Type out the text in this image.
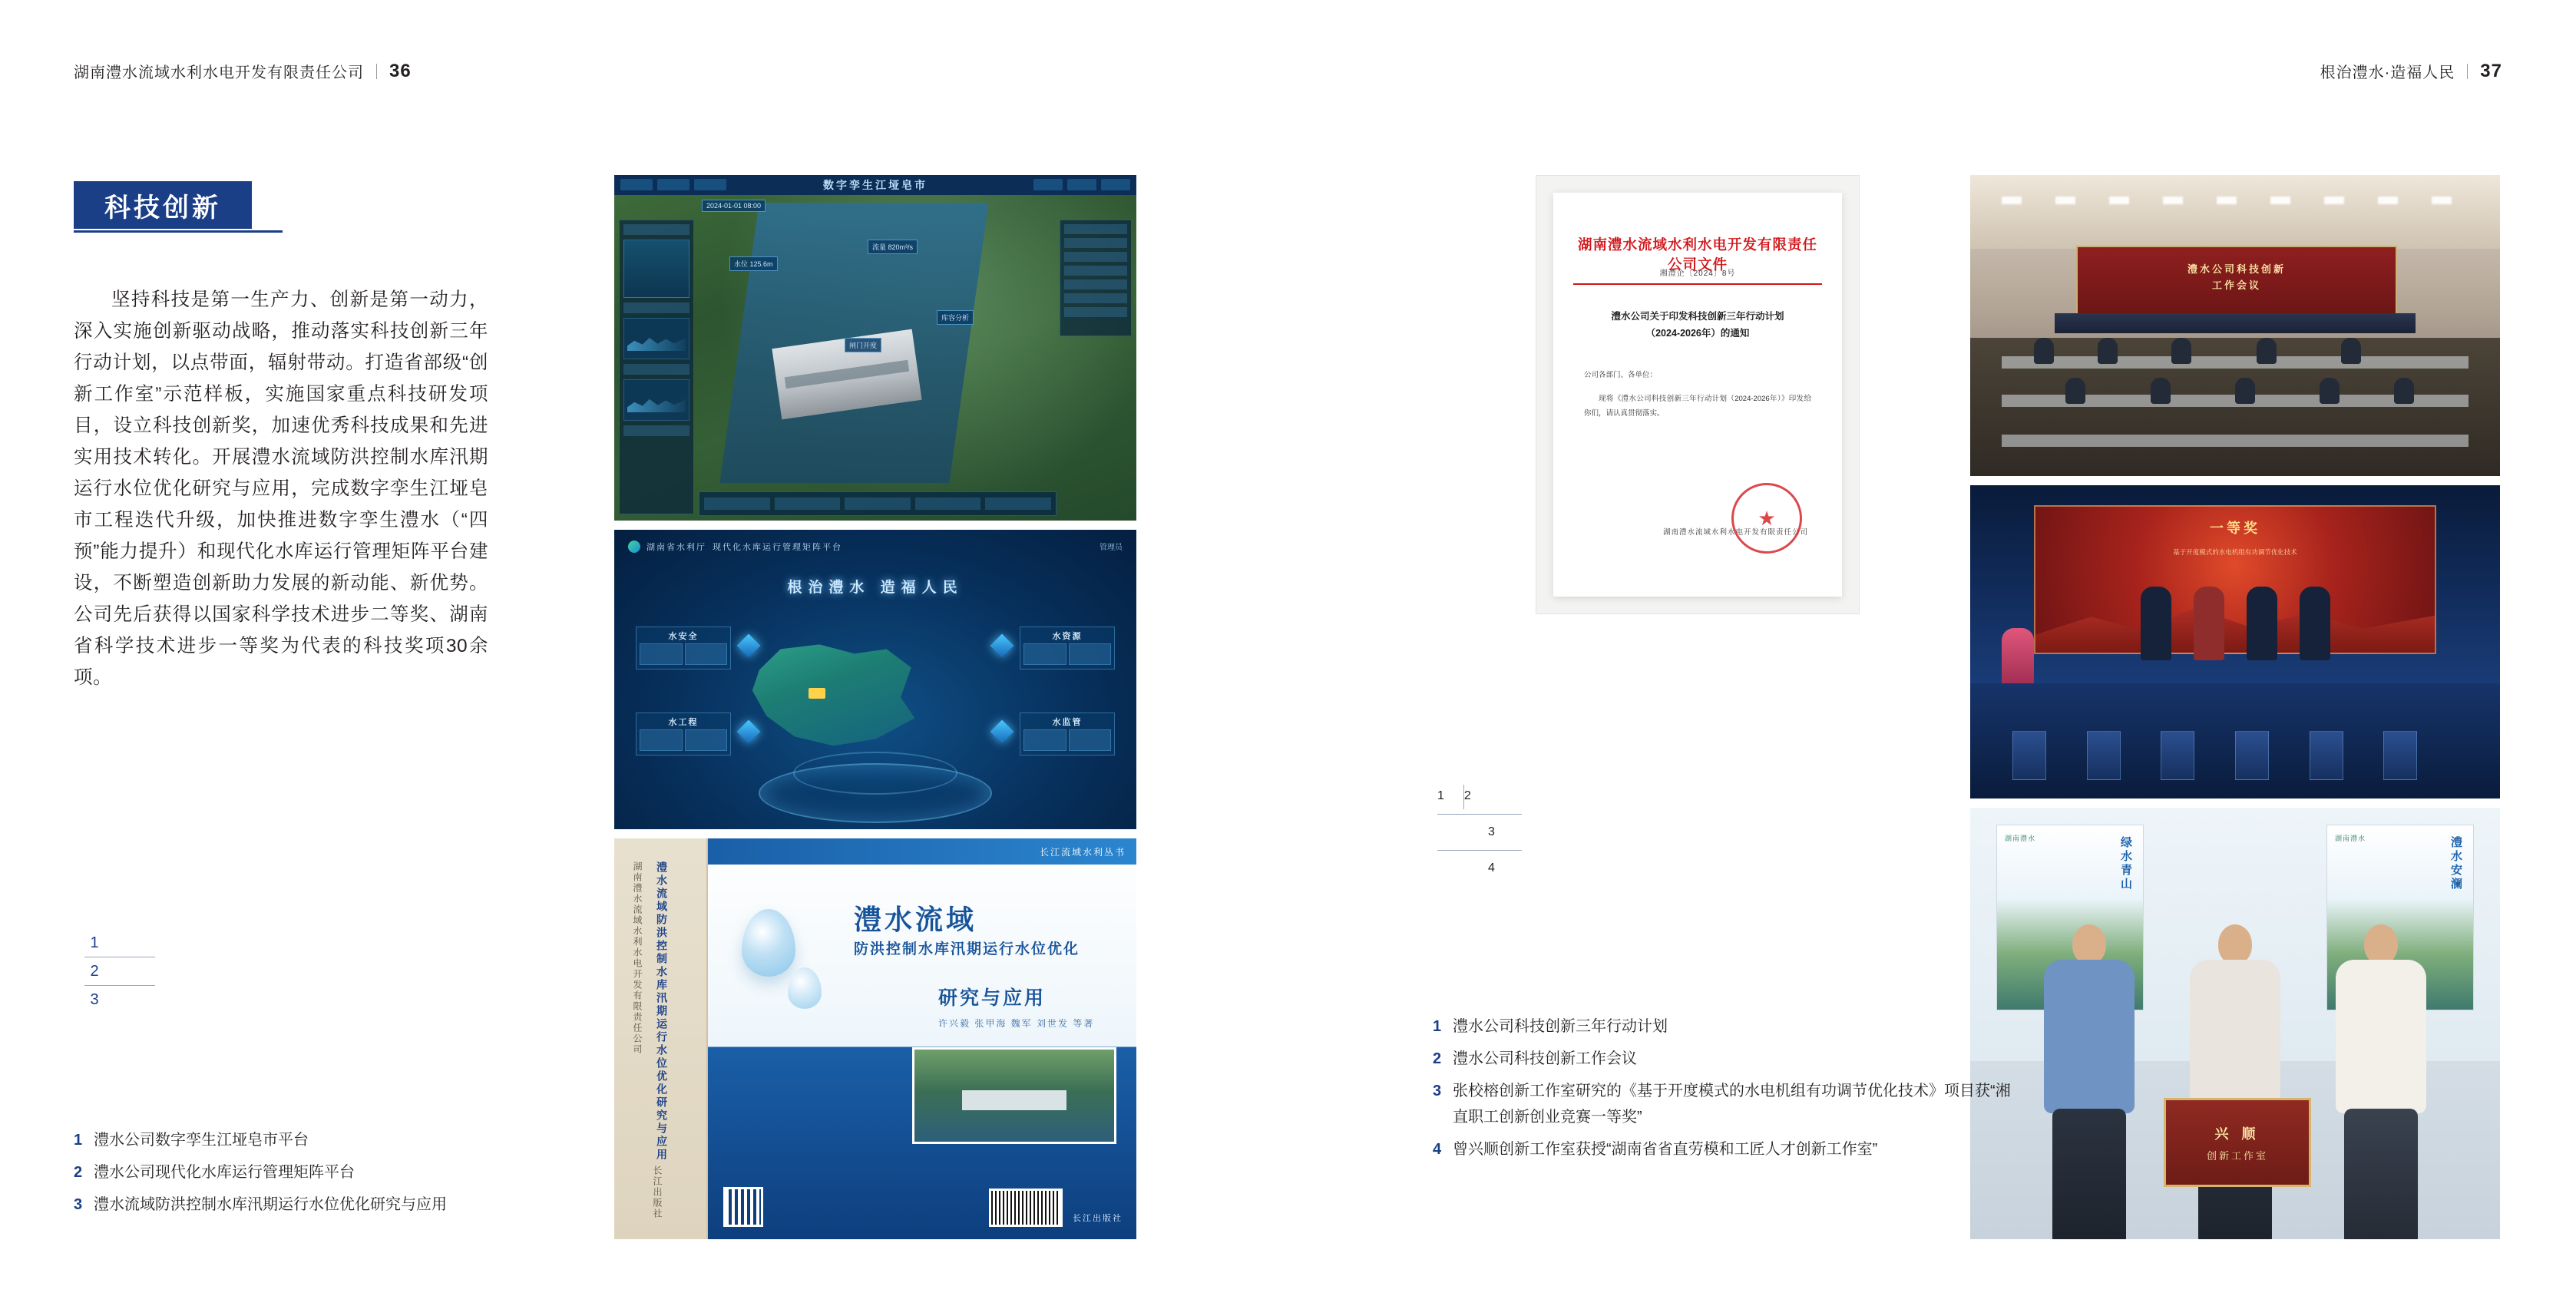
湖南澧水流域水利水电开发有限责任公司 36
科技创新
坚持科技是第一生产力、创新是第一动力，深入实施创新驱动战略，推动落实科技创新三年行动计划，以点带面，辐射带动。打造省部级“创新工作室”示范样板，实施国家重点科技研发项目，设立科技创新奖，加速优秀科技成果和先进实用技术转化。开展澧水流域防洪控制水库汛期运行水位优化研究与应用，完成数字孪生江垭皂市工程迭代升级，加快推进数字孪生澧水（“四预”能力提升）和现代化水库运行管理矩阵平台建设，不断塑造创新助力发展的新动能、新优势。公司先后获得以国家科学技术进步二等奖、湖南省科学技术进步一等奖为代表的科技奖项30余项。
1
2
3
1 澧水公司数字孪生江垭皂市平台
2 澧水公司现代化水库运行管理矩阵平台
3 澧水流域防洪控制水库汛期运行水位优化研究与应用
根治澧水·造福人民 37
数字孪生江垭皂市
水位 125.6m
流量 820m³/s
闸门开度
库容分析
2024-01-01 08:00
湖南省水利厅 现代化水库运行管理矩阵平台	管理员
根治澧水 造福人民
水安全	水资源
水工程	水监管
澧水流域防洪控制水库汛期运行水位优化研究与应用
湖南澧水流域水利水电开发有限责任公司
长江出版社
长江流域水利丛书
澧水流域
防洪控制水库汛期运行水位优化
研究与应用
许兴毅 张甲海 魏军 刘世发 等著
长江出版社
湖南澧水流域水利水电开发有限责任公司文件
湘澧企〔2024〕8号
澧水公司关于印发科技创新三年行动计划
（2024-2026年）的通知

公司各部门、各单位：

现将《澧水公司科技创新三年行动计划（2024-2026年）》印发给你们，请认真贯彻落实。

湖南澧水流域水利水电开发有限责任公司
★
澧水公司科技创新
工作会议
一等奖
基于开度模式的水电机组有功调节优化技术
湖南澧水	绿水青山	湖南澧水	澧水安澜
兴 顺
创新工作室
1 2
3
4
1 澧水公司科技创新三年行动计划
2 澧水公司科技创新工作会议
3 张校榕创新工作室研究的《基于开度模式的水电机组有功调节优化技术》项目获“湘直职工创新创业竞赛一等奖”
4 曾兴顺创新工作室获授“湖南省省直劳模和工匠人才创新工作室”
